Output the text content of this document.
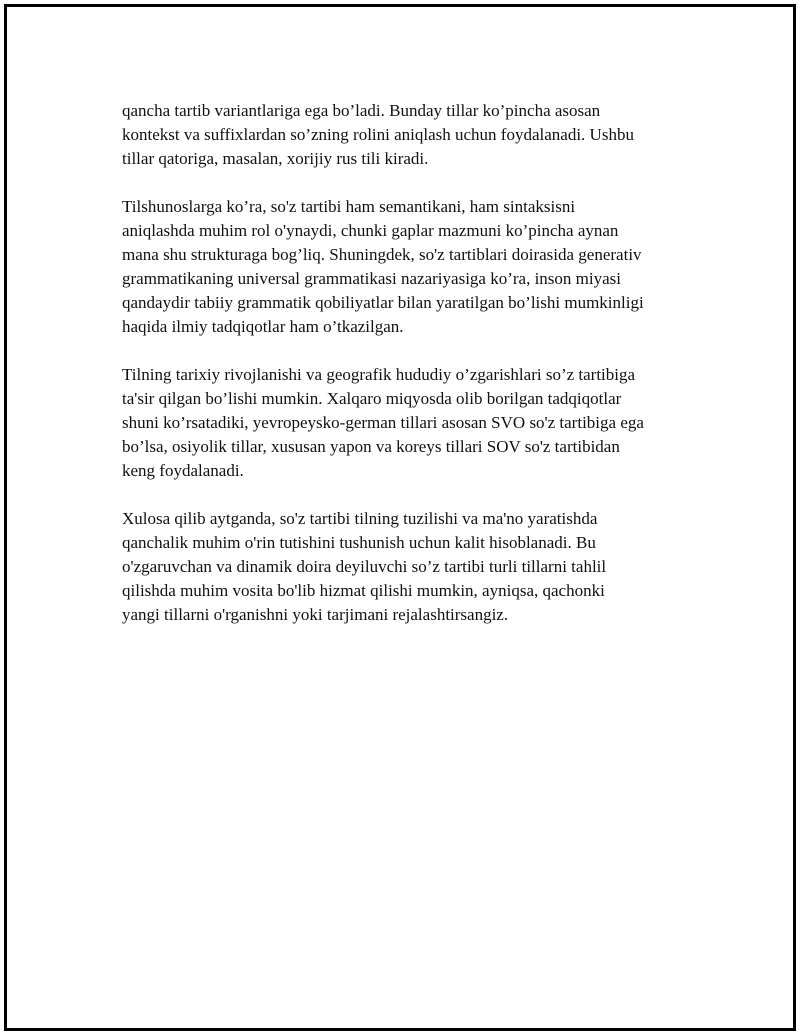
qancha tartib variantlariga ega bo’ladi. Bunday tillar ko’pincha asosan
kontekst va suffixlardan so’zning rolini aniqlash uchun foydalanadi. Ushbu
tillar qatoriga, masalan, xorijiy rus tili kiradi.

Tilshunoslarga ko’ra, so'z tartibi ham semantikani, ham sintaksisni
aniqlashda muhim rol o'ynaydi, chunki gaplar mazmuni ko’pincha aynan
mana shu strukturaga bog’liq. Shuningdek, so'z tartiblari doirasida generativ
grammatikaning universal grammatikasi nazariyasiga ko’ra, inson miyasi
qandaydir tabiiy grammatik qobiliyatlar bilan yaratilgan bo’lishi mumkinligi
haqida ilmiy tadqiqotlar ham o’tkazilgan.

Tilning tarixiy rivojlanishi va geografik hududiy o’zgarishlari so’z tartibiga
ta'sir qilgan bo’lishi mumkin. Xalqaro miqyosda olib borilgan tadqiqotlar
shuni ko’rsatadiki, yevropeysko-german tillari asosan SVO so'z tartibiga ega
bo’lsa, osiyolik tillar, xususan yapon va koreys tillari SOV so'z tartibidan
keng foydalanadi.

Xulosa qilib aytganda, so'z tartibi tilning tuzilishi va ma'no yaratishda
qanchalik muhim o'rin tutishini tushunish uchun kalit hisoblanadi. Bu
o'zgaruvchan va dinamik doira deyiluvchi so’z tartibi turli tillarni tahlil
qilishda muhim vosita bo'lib hizmat qilishi mumkin, ayniqsa, qachonki
yangi tillarni o'rganishni yoki tarjimani rejalashtirsangiz.
